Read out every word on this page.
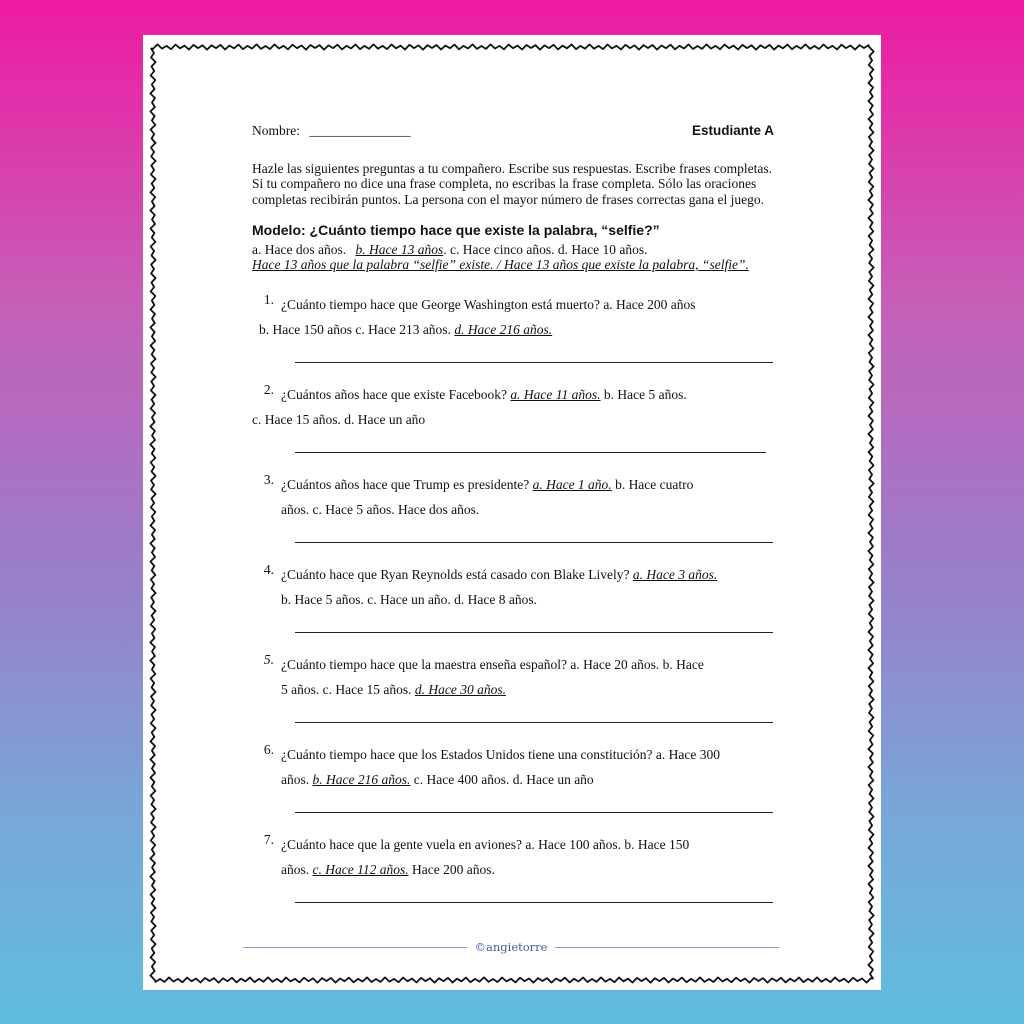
Nombre: _______________	Estudiante A
Hazle las siguientes preguntas a tu compañero. Escribe sus respuestas. Escribe frases completas. Si tu compañero no dice una frase completa, no escribas la frase completa. Sólo las oraciones completas recibirán puntos. La persona con el mayor número de frases correctas gana el juego.
Modelo: ¿Cuánto tiempo hace que existe la palabra, “selfie?”
a. Hace dos años. b. Hace 13 años. c. Hace cinco años. d. Hace 10 años.
Hace 13 años que la palabra “selfie” existe. / Hace 13 años que existe la palabra, “selfie”.
1. ¿Cuánto tiempo hace que George Washington está muerto? a. Hace 200 años
b. Hace 150 años c. Hace 213 años. d. Hace 216 años.
2. ¿Cuántos años hace que existe Facebook? a. Hace 11 años. b. Hace 5 años.
c. Hace 15 años. d. Hace un año
3. ¿Cuántos años hace que Trump es presidente? a. Hace 1 año. b. Hace cuatro
años. c. Hace 5 años. Hace dos años.
4. ¿Cuánto hace que Ryan Reynolds está casado con Blake Lively? a. Hace 3 años.
b. Hace 5 años. c. Hace un año. d. Hace 8 años.
5. ¿Cuánto tiempo hace que la maestra enseña español? a. Hace 20 años. b. Hace
5 años. c. Hace 15 años. d. Hace 30 años.
6. ¿Cuánto tiempo hace que los Estados Unidos tiene una constitución? a. Hace 300
años. b. Hace 216 años. c. Hace 400 años. d. Hace un año
7. ¿Cuánto hace que la gente vuela en aviones? a. Hace 100 años. b. Hace 150
años. c. Hace 112 años. Hace 200 años.
©angietorre
